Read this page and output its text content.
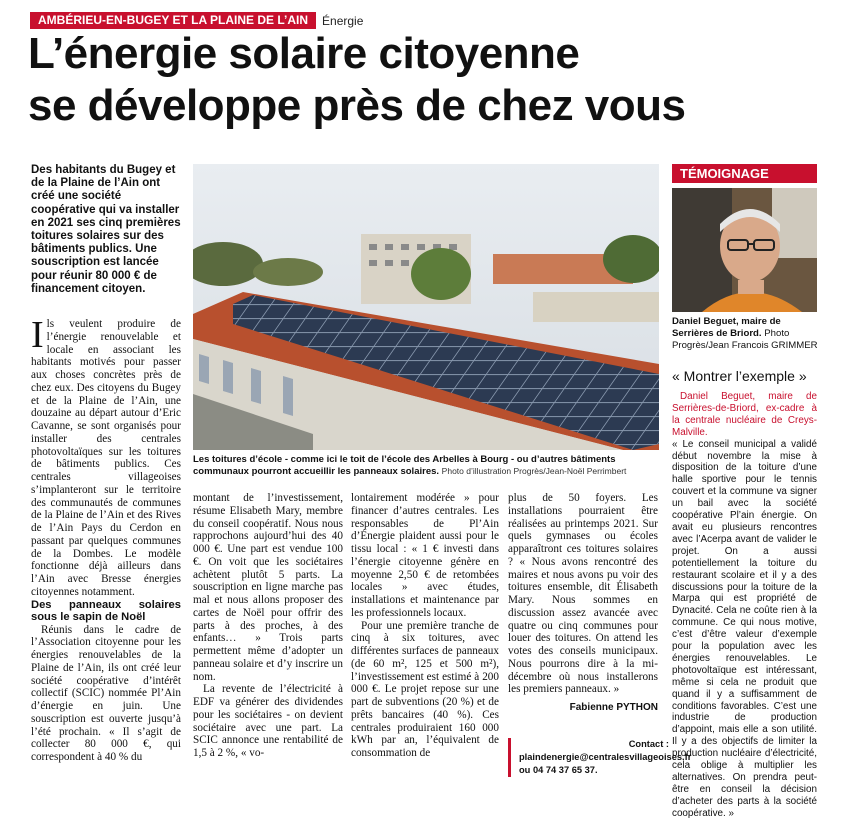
AMBÉRIEU-EN-BUGEY ET LA PLAINE DE L’AIN	Énergie
L’énergie solaire citoyenne
se développe près de chez vous

Des habitants du Bugey et de la Plaine de l’Ain ont créé une société coopérative qui va installer en 2021 ses cinq premières toitures solaires sur des bâtiments publics. Une souscription est lancée pour réunir 80 000 € de financement citoyen.

Ils veulent produire de l’énergie renouvelable et locale en associant les habitants motivés pour passer aux choses concrètes près de chez eux. Des citoyens du Bugey et de la Plaine de l’Ain, une douzaine au départ autour d’Eric Cavanne, se sont organisés pour installer des centrales photovoltaïques sur les toitures de bâtiments publics. Ces centrales villageoises s’implanteront sur le territoire des communautés de communes de la Plaine de l’Ain et des Rives de l’Ain Pays du Cerdon en passant par quelques communes de la Dombes. Le modèle fonctionne déjà ailleurs dans l’Ain avec Bresse énergies citoyennes notamment.

Des panneaux solaires sous le sapin de Noël

Réunis dans le cadre de l’Association citoyenne pour les énergies renouvelables de la Plaine de l’Ain, ils ont créé leur société coopérative d’intérêt collectif (SCIC) nommée Pl’Ain d’énergie en juin. Une souscription est ouverte jusqu’à l’été prochain. « Il s’agit de collecter 80 000 €, qui correspondent à 40 % du

Les toitures d’école - comme ici le toit de l’école des Arbelles à Bourg - ou d’autres bâtiments communaux pourront accueillir les panneaux solaires. Photo d’illustration Progrès/Jean-Noël Perrimbert

montant de l’investissement, résume Elisabeth Mary, membre du conseil coopératif. Nous nous rapprochons aujourd’hui des 40 000 €. Une part est vendue 100 €. On voit que les sociétaires achètent plutôt 5 parts. La souscription en ligne marche pas mal et nous allons proposer des cartes de Noël pour offrir des parts à des proches, à des enfants… » Trois parts permettent même d’adopter un panneau solaire et d’y inscrire un nom.

La revente de l’électricité à EDF va générer des dividendes pour les sociétaires - on devient sociétaire avec une part. La SCIC annonce une rentabilité de 1,5 à 2 %, « vo-

lontairement modérée » pour financer d’autres centrales. Les responsables de Pl’Ain d’Énergie plaident aussi pour le tissu local : « 1 € investi dans l’énergie citoyenne génère en moyenne 2,50 € de retombées locales » avec études, installations et maintenance par les professionnels locaux.

Pour une première tranche de cinq à six toitures, avec différentes surfaces de panneaux (de 60 m², 125 et 500 m²), l’investissement est estimé à 200 000 €. Le projet repose sur une part de subventions (20 %) et de prêts bancaires (40 %). Ces centrales produiraient 160 000 kWh par an, l’équivalent de consommation de

plus de 50 foyers. Les installations pourraient être réalisées au printemps 2021. Sur quels gymnases ou écoles apparaîtront ces toitures solaires ? « Nous avons rencontré des maires et nous avons pu voir des toitures ensemble, dit Élisabeth Mary. Nous sommes en discussion assez avancée avec quatre ou cinq communes pour louer des toitures. On attend les votes des conseils municipaux. Nous pourrons dire à la mi-décembre où nous installerons les premiers panneaux. »

Fabienne PYTHON
Contact :
plaindenergie@centralesvillageoises.fr ou 04 74 37 65 37.
TÉMOIGNAGE

Daniel Beguet, maire de Serrières de Briord. Photo Progrès/Jean Francois GRIMMER

« Montrer l’exemple »

Daniel Beguet, maire de Serrières-de-Briord, ex-cadre à la centrale nucléaire de Creys-Malville.

« Le conseil municipal a validé début novembre la mise à disposition de la toiture d’une halle sportive pour le tennis couvert et la commune va signer un bail avec la société coopérative Pl’ain énergie. On avait eu plusieurs rencontres avec l’Acerpa avant de valider le projet. On a aussi potentiellement la toiture du restaurant scolaire et il y a des discussions pour la toiture de la Marpa qui est propriété de Dynacité. Cela ne coûte rien à la commune. Ce qui nous motive, c’est d’être valeur d’exemple pour la population avec les énergies renouvelables. Le photovoltaïque est intéressant, même si cela ne produit que quand il y a suffisamment de conditions favorables. C’est une industrie de production d’appoint, mais elle a son utilité. Il y a des objectifs de limiter la production nucléaire d’électricité, cela oblige à multiplier les alternatives. On prendra peut-être en conseil la décision d’acheter des parts à la société coopérative. »
